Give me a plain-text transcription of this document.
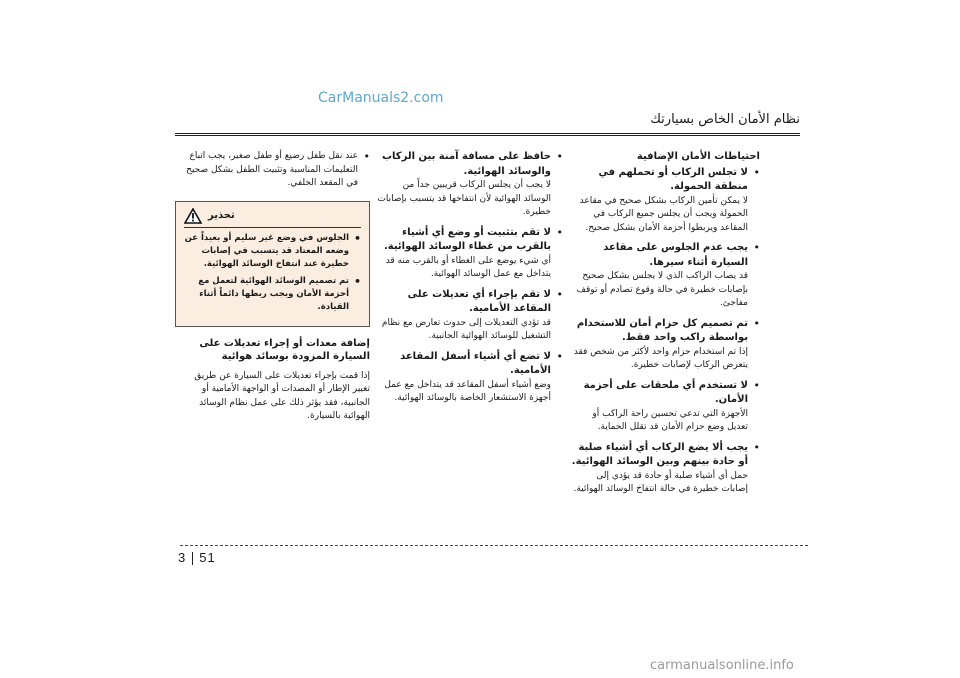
CarManuals2.com
نظام الأمان الخاص بسيارتك
احتياطات الأمان الإضافية
• لا تجلس الركاب أو تحملهم في منطقة الحمولة.
لا يمكن تأمين الركاب بشكل صحيح في مقاعد الحمولة ويجب أن يجلس جميع الركاب في المقاعد ويربطوا أحزمة الأمان بشكل صحيح.
• يجب عدم الجلوس على مقاعد السيارة أثناء سيرها.
قد يصاب الراكب الذي لا يجلس بشكل صحيح بإصابات خطيرة في حالة وقوع تصادم أو توقف مفاجئ.
• تم تصميم كل حزام أمان للاستخدام بواسطة راكب واحد فقط.
إذا تم استخدام حزام واحد لأكثر من شخص فقد يتعرض الركاب لإصابات خطيرة.
• لا تستخدم أي ملحقات على أحزمة الأمان.
الأجهزة التي تدعي تحسين راحة الراكب أو تعديل وضع حزام الأمان قد تقلل الحماية.
• يجب ألا يضع الركاب أي أشياء صلبة أو حادة بينهم وبين الوسائد الهوائية.
حمل أي أشياء صلبة أو حادة قد يؤدي إلى إصابات خطيرة في حالة انتفاخ الوسائد الهوائية.
• حافظ على مسافة آمنة بين الركاب والوسائد الهوائية.
لا يجب أن يجلس الركاب قريبين جداً من الوسائد الهوائية لأن انتفاخها قد يتسبب بإصابات خطيرة.
• لا تقم بتثبيت أو وضع أي أشياء بالقرب من غطاء الوسائد الهوائية.
أي شيء يوضع على الغطاء أو بالقرب منه قد يتداخل مع عمل الوسائد الهوائية.
• لا تقم بإجراء أي تعديلات على المقاعد الأمامية.
قد تؤدي التعديلات إلى حدوث تعارض مع نظام التشغيل للوسائد الهوائية الجانبية.
• لا تضع أي أشياء أسفل المقاعد الأمامية.
وضع أشياء أسفل المقاعد قد يتداخل مع عمل أجهزة الاستشعار الخاصة بالوسائد الهوائية.
• عند نقل طفل رضيع أو طفل صغير، يجب اتباع التعليمات المناسبة وتثبيت الطفل بشكل صحيح في المقعد الخلفي.
تحذير
• الجلوس في وضع غير سليم أو بعيداً عن وضعه المعتاد قد يتسبب في إصابات خطيرة عند انتفاخ الوسائد الهوائية.
• تم تصميم الوسائد الهوائية لتعمل مع أحزمة الأمان ويجب ربطها دائماً أثناء القيادة.
إضافة معدات أو إجراء تعديلات على السيارة المزودة بوسائد هوائية
إذا قمت بإجراء تعديلات على السيارة عن طريق تغيير الإطار أو المصدات أو الواجهة الأمامية أو الجانبية، فقد يؤثر ذلك على عمل نظام الوسائد الهوائية بالسيارة.
3 51
carmanualsonline.info
